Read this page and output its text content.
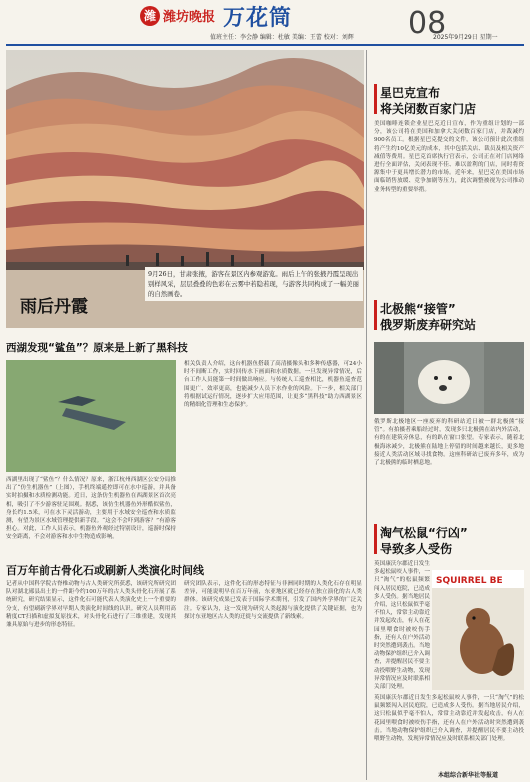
潍 潍坊晚报 万花筒	08
值班主任：李会静 编辑：杜敏 美编：王蕾 校对：刘辉	2025年9月29日 星期一
9月26日，甘肃张掖，游客在景区内参观游览。雨后上午的张掖丹霞呈现出别样风采，层层叠叠的色彩在云雾中若隐若现，与游客共同构成了一幅美丽的自然画卷。
雨后丹霞
西湖发现“鲨鱼”？原来是上新了黑科技
西湖里出现了“鲨鱼”？什么情况？原来，浙江杭州西湖区公安分局推出了“仿生机器鱼”（上图），手机终端遥控即可在水中巡游，并具备实时拍摄和水质检测功能。近日，这条仿生机器鱼在西湖景区首次亮相，吸引了不少游客驻足围观。据悉，该仿生机器鱼外形酷似鲨鱼，身长约1.5米，可在水下灵活游动，主要用于水域安全巡查和水质监测，有望为景区水域管理提供新手段。“这会不会吓到游客？”有游客担心。对此，工作人员表示，机器鱼外观经过特别设计，巡游时保持安全距离，不会对游客和水中生物造成影响。
相关负责人介绍，这台机器鱼搭载了高清摄像头和多种传感器，可24小时不间断工作，实时回传水下画面和水质数据。一旦发现异常情况，后台工作人员能第一时间做出响应。与传统人工巡查相比，机器鱼巡查范围更广、效率更高，也能减少人员下水作业的风险。下一步，相关部门将根据试运行情况，逐步扩大应用范围，让更多“黑科技”助力西湖景区的精细化管理和生态保护。
百万年前古骨化石或刷新人类演化时间线
记者从中国科学院古脊椎动物与古人类研究所获悉，该研究所研究团队对湖北郧县出土的一件距今约100万年的古人类头骨化石开展了系统研究，研究结果显示，这件化石可能代表人类演化史上一个重要的分支，有望刷新学界对早期人类演化时间线的认识。研究人员利用高精度CT扫描和虚拟复原技术，对头骨化石进行了三维重建，发现其兼具原始与进步的形态特征。
研究团队表示，这件化石的形态特征与非洲同时期的人类化石存在明显差异，可能说明早在百万年前，东亚地区就已经存在独立演化的古人类群体。该研究成果已发表于国际学术期刊，引发了国内外学界的广泛关注。专家认为，这一发现为研究人类起源与演化提供了关键证据，也为探讨东亚地区古人类的迁徙与交流提供了新线索。
星巴克宣布
将关闭数百家门店
美国咖啡连锁企业星巴克近日宣布，作为重组计划的一部分，该公司将在美国和加拿大关闭数百家门店，并裁减约900名员工。根据星巴克提交的文件，该公司预计此次重组将产生约10亿美元的成本，其中包括关店、裁员及相关资产减值等费用。星巴克首席执行官表示，公司正在对门店网络进行全面评估，关闭表现不佳、难以盈利的门店，同时将资源集中于更具增长潜力的市场。近年来，星巴克在美国市场面临销售放缓、竞争加剧等压力，此次调整被视为公司推动业务转型的重要举措。
北极熊“接管”
俄罗斯废弃研究站
俄罗斯北极地区一座废弃的科研站近日被一群北极熊“接管”。有拍摄者乘船经过时，发现多只北极熊在站内外活动，有的在建筑旁休息，有的趴在窗口张望。专家表示，随着北极海冰减少，北极熊在陆地上停留的时间越来越长，更多地接近人类活动区域寻找食物。这座科研站已废弃多年，成为了北极熊的临时栖息地。
淘气松鼠“行凶”
导致多人受伤
SQUIRREL BE
英国康沃尔郡近日发生多起松鼠咬人事件，一只“淘气”的松鼠频繁闯入居民庭院，已造成多人受伤。据当地居民介绍，这只松鼠似乎毫不怕人，常常主动靠近并发起攻击，有人在花园里喂食时被咬伤手指，还有人在户外活动时突然遭到袭击。当地动物保护组织已介入调查，并提醒居民不要主动投喂野生动物，发现异常情况应及时联系相关部门处理。
英国康沃尔郡近日发生多起松鼠咬人事件，一只“淘气”的松鼠频繁闯入居民庭院，已造成多人受伤。据当地居民介绍，这只松鼠似乎毫不怕人，常常主动靠近并发起攻击，有人在花园里喂食时被咬伤手指，还有人在户外活动时突然遭到袭击。当地动物保护组织已介入调查，并提醒居民不要主动投喂野生动物，发现异常情况应及时联系相关部门处理。
本组综合新华社等报道
